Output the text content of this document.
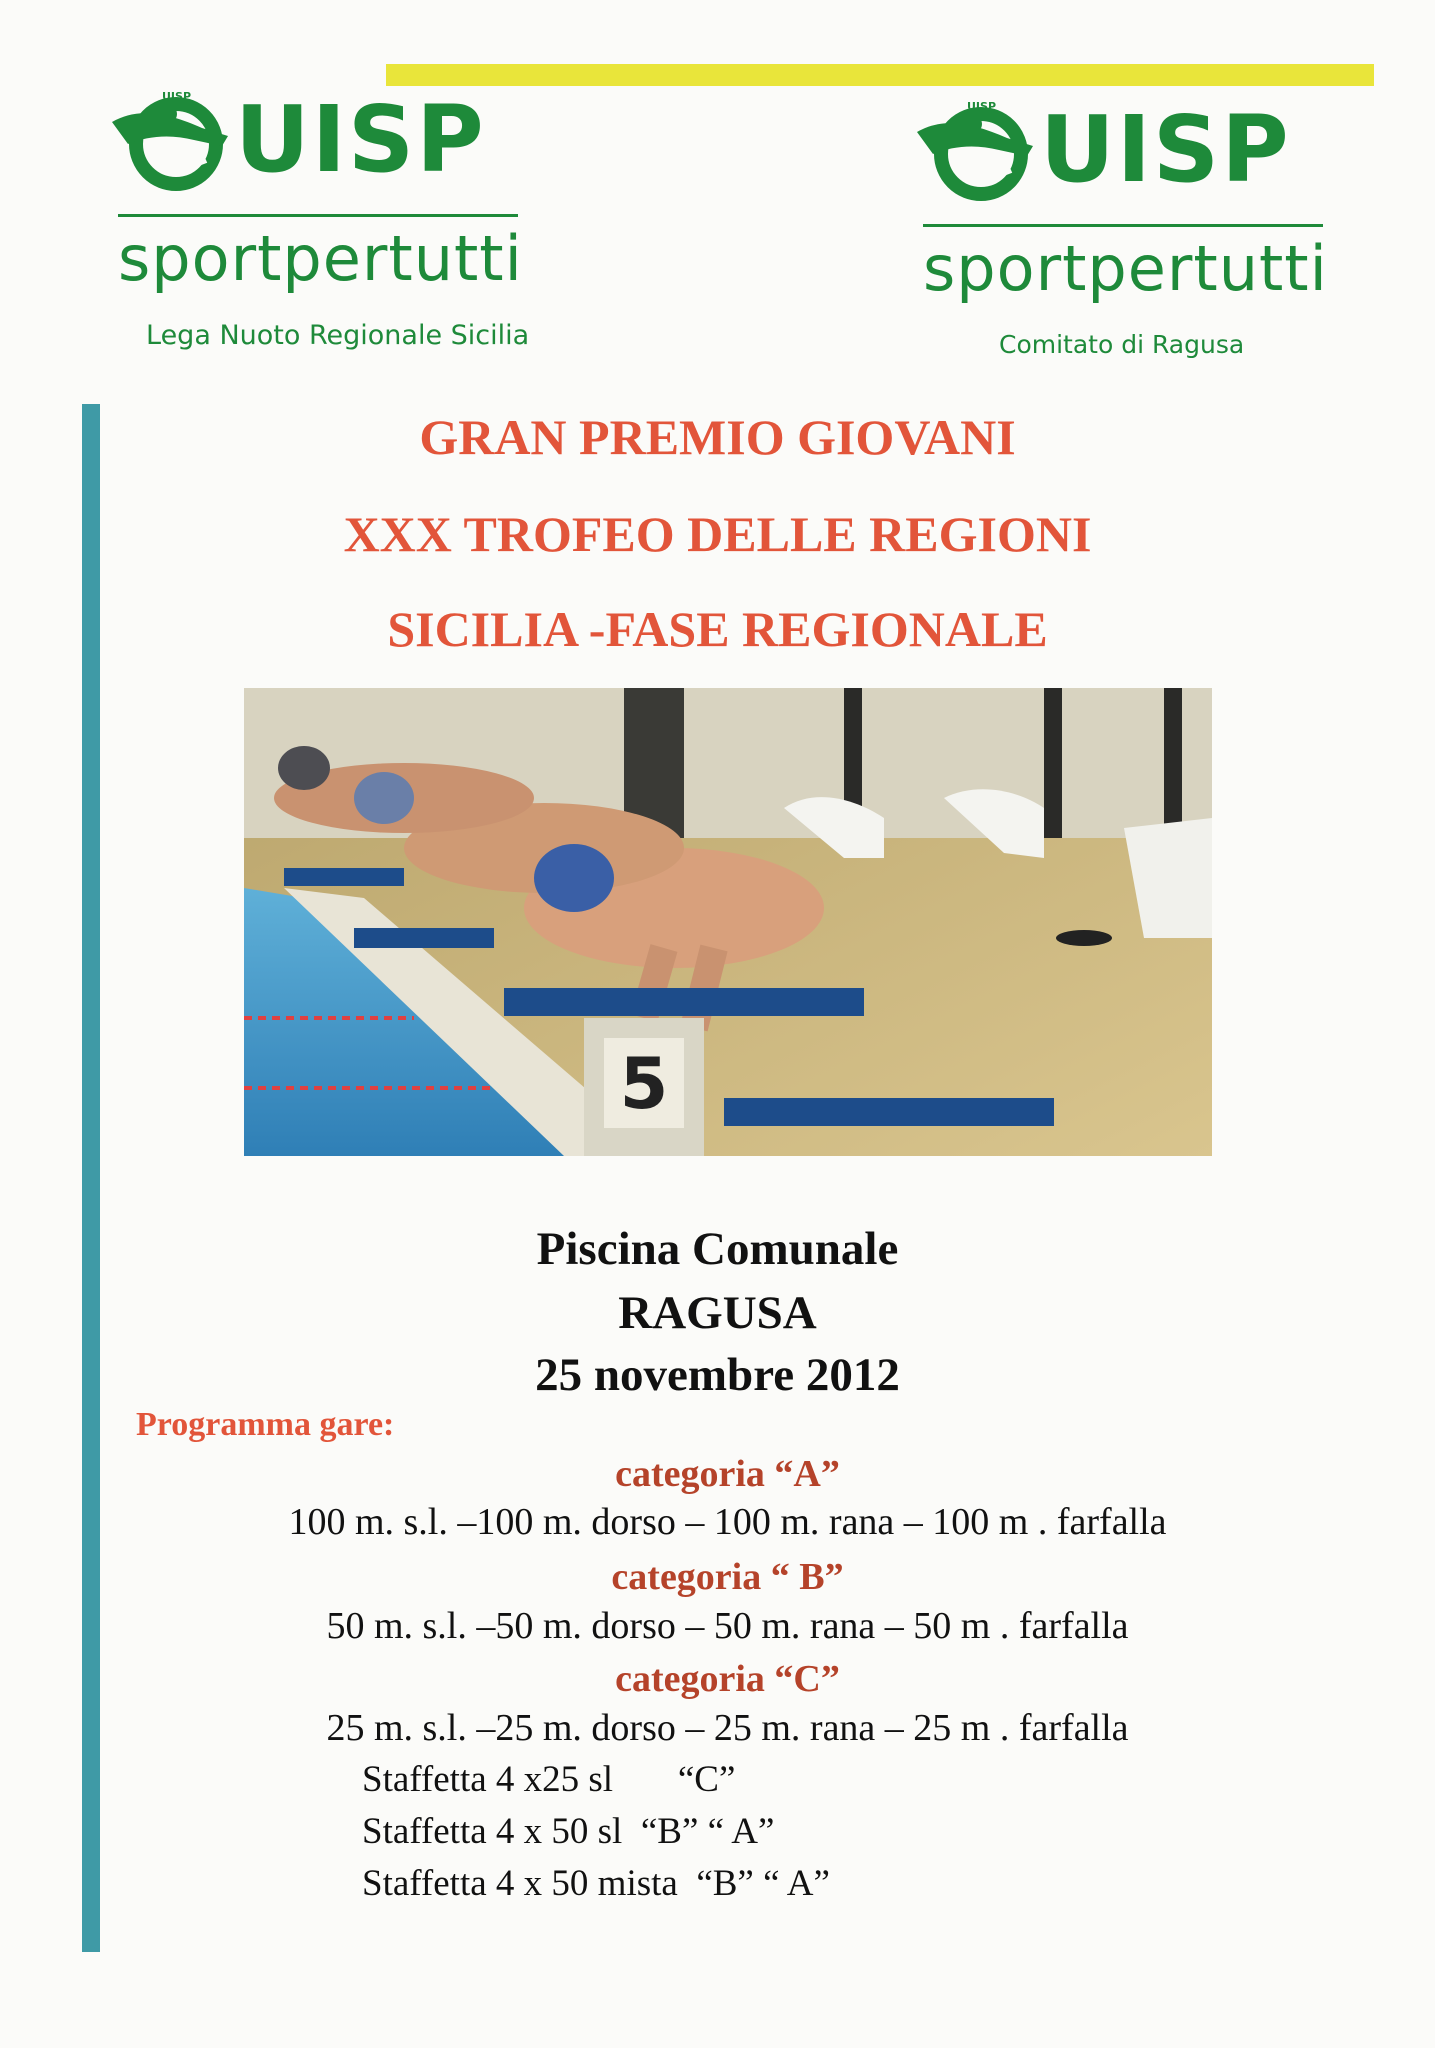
UISP UISP
sportpertutti
Lega Nuoto Regionale Sicilia
UISP UISP
sportpertutti
Comitato di Ragusa
GRAN PREMIO GIOVANI
XXX TROFEO DELLE REGIONI
SICILIA -FASE REGIONALE
5
Piscina Comunale
RAGUSA
25 novembre 2012
Programma gare:
categoria “A”
100 m. s.l. –100 m. dorso – 100 m. rana – 100 m . farfalla
categoria “ B”
50 m. s.l. –50 m. dorso – 50 m. rana – 50 m . farfalla
categoria “C”
25 m. s.l. –25 m. dorso – 25 m. rana – 25 m . farfalla
Staffetta 4 x25 sl       “C”
Staffetta 4 x 50 sl  “B” “ A”
Staffetta 4 x 50 mista  “B” “ A”
